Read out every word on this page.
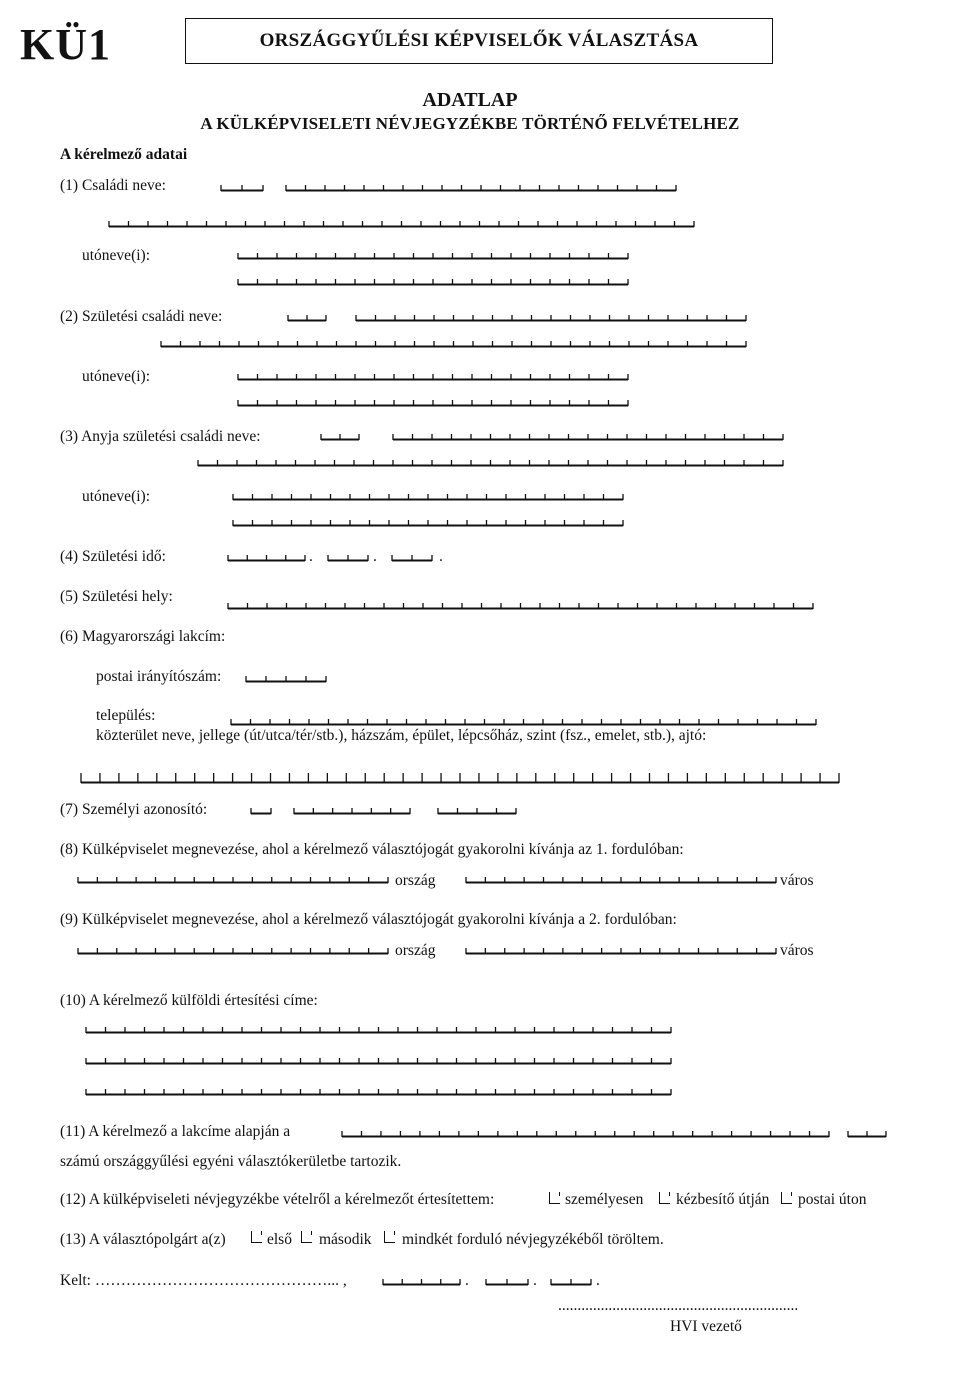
KÜ1	ORSZÁGGYŰLÉSI KÉPVISELŐK VÁLASZTÁSA
ADATLAP
A KÜLKÉPVISELETI NÉVJEGYZÉKBE TÖRTÉNŐ FELVÉTELHEZ
A kérelmező adatai
(1) Családi neve:
utóneve(i):
(2) Születési családi neve:
utóneve(i):
(3) Anyja születési családi neve:
utóneve(i):
(4) Születési idő:	.	.	.
(5) Születési hely:
(6) Magyarországi lakcím:
postai irányítószám:
település:
közterület neve, jellege (út/utca/tér/stb.), házszám, épület, lépcsőház, szint (fsz., emelet, stb.), ajtó:
(7) Személyi azonosító:
(8) Külképviselet megnevezése, ahol a kérelmező választójogát gyakorolni kívánja az 1. fordulóban:
ország	város
(9) Külképviselet megnevezése, ahol a kérelmező választójogát gyakorolni kívánja a 2. fordulóban:
ország	város
(10) A kérelmező külföldi értesítési címe:
(11) A kérelmező a lakcíme alapján a
számú országgyűlési egyéni választókerületbe tartozik.
(12) A külképviseleti névjegyzékbe vételről a kérelmezőt értesítettem:	személyesen kézbesítő útján postai úton
(13) A választópolgárt a(z)	első második mindkét forduló névjegyzékéből töröltem.
Kelt: ………………………………………... ,	.	.	.
..............................................................
HVI vezető
